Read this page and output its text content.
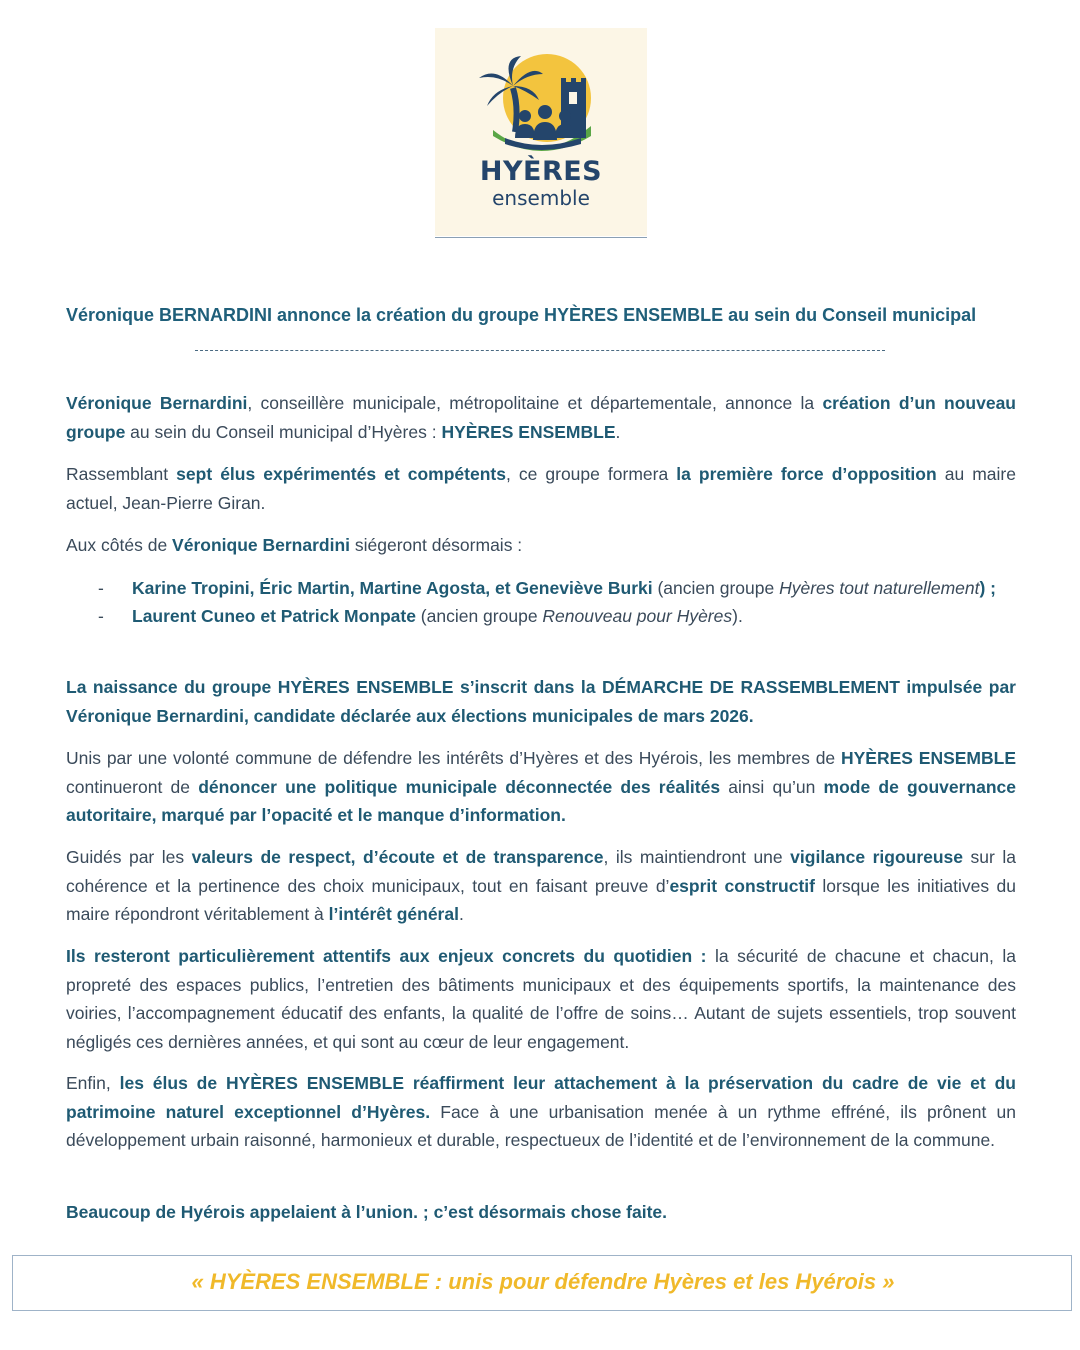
HYÈRES
ensemble
Véronique BERNARDINI annonce la création du groupe HYÈRES ENSEMBLE au sein du Conseil municipal
Véronique Bernardini, conseillère municipale, métropolitaine et départementale, annonce la création d’un nouveau groupe au sein du Conseil municipal d’Hyères : HYÈRES ENSEMBLE.
Rassemblant sept élus expérimentés et compétents, ce groupe formera la première force d’opposition au maire actuel, Jean-Pierre Giran.
Aux côtés de Véronique Bernardini siégeront désormais :
- Karine Tropini, Éric Martin, Martine Agosta, et Geneviève Burki (ancien groupe Hyères tout naturellement) ;
- Laurent Cuneo et Patrick Monpate (ancien groupe Renouveau pour Hyères).
La naissance du groupe HYÈRES ENSEMBLE s’inscrit dans la DÉMARCHE DE RASSEMBLEMENT impulsée par Véronique Bernardini, candidate déclarée aux élections municipales de mars 2026.
Unis par une volonté commune de défendre les intérêts d’Hyères et des Hyérois, les membres de HYÈRES ENSEMBLE continueront de dénoncer une politique municipale déconnectée des réalités ainsi qu’un mode de gouvernance autoritaire, marqué par l’opacité et le manque d’information.
Guidés par les valeurs de respect, d’écoute et de transparence, ils maintiendront une vigilance rigoureuse sur la cohérence et la pertinence des choix municipaux, tout en faisant preuve d’esprit constructif lorsque les initiatives du maire répondront véritablement à l’intérêt général.
Ils resteront particulièrement attentifs aux enjeux concrets du quotidien : la sécurité de chacune et chacun, la propreté des espaces publics, l’entretien des bâtiments municipaux et des équipements sportifs, la maintenance des voiries, l’accompagnement éducatif des enfants, la qualité de l’offre de soins… Autant de sujets essentiels, trop souvent négligés ces dernières années, et qui sont au cœur de leur engagement.
Enfin, les élus de HYÈRES ENSEMBLE réaffirment leur attachement à la préservation du cadre de vie et du patrimoine naturel exceptionnel d’Hyères. Face à une urbanisation menée à un rythme effréné, ils prônent un développement urbain raisonné, harmonieux et durable, respectueux de l’identité et de l’environnement de la commune.
Beaucoup de Hyérois appelaient à l’union. ; c’est désormais chose faite.
« HYÈRES ENSEMBLE : unis pour défendre Hyères et les Hyérois »
